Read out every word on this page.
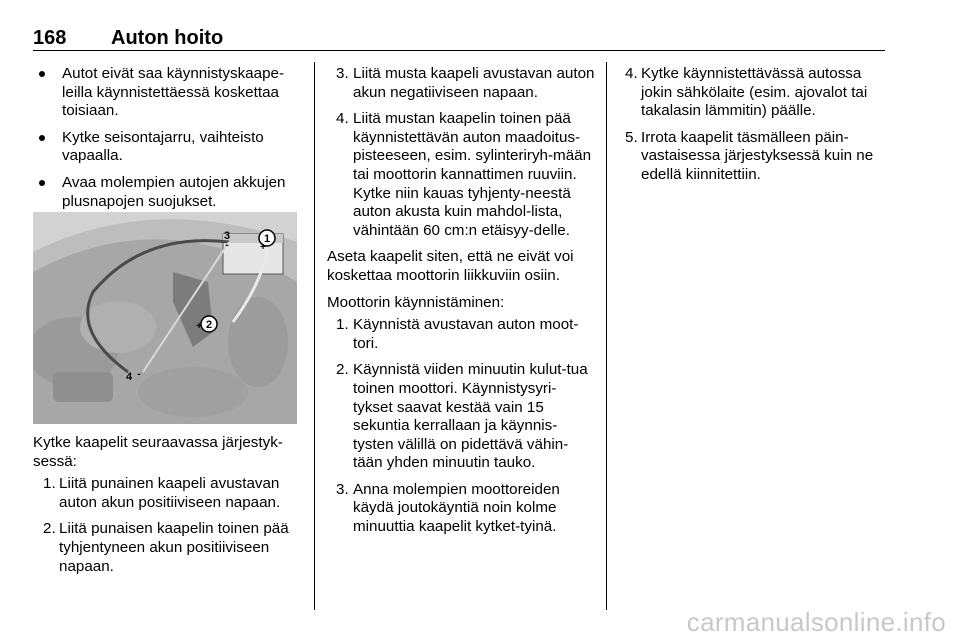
168 Auton hoito
Autot eivät saa käynnistyskaape-leilla käynnistettäessä koskettaa toisiaan.
Kytke seisontajarru, vaihteisto vapaalla.
Avaa molempien autojen akkujen plusnapojen suojukset.
1
+
3
-
2
+
4 -

Kytke kaapelit seuraavassa järjestyk-sessä:

1. Liitä punainen kaapeli avustavan auton akun positiiviseen napaan.
2. Liitä punaisen kaapelin toinen pää tyhjentyneen akun positiiviseen napaan.
3. Liitä musta kaapeli avustavan auton akun negatiiviseen napaan.
4. Liitä mustan kaapelin toinen pää käynnistettävän auton maadoitus-pisteeseen, esim. sylinteriryh-mään tai moottorin kannattimen ruuviin. Kytke niin kauas tyhjenty-neestä auton akusta kuin mahdol-lista, vähintään 60 cm:n etäisyy-delle.

Aseta kaapelit siten, että ne eivät voi koskettaa moottorin liikkuviin osiin.

Moottorin käynnistäminen:

1. Käynnistä avustavan auton moot-tori.
2. Käynnistä viiden minuutin kulut-tua toinen moottori. Käynnistysyri-tykset saavat kestää vain 15 sekuntia kerrallaan ja käynnis-tysten välillä on pidettävä vähin-tään yhden minuutin tauko.
3. Anna molempien moottoreiden käydä joutokäyntiä noin kolme minuuttia kaapelit kytket-tyinä.
4. Kytke käynnistettävässä autossa jokin sähkölaite (esim. ajovalot tai takalasin lämmitin) päälle.
5. Irrota kaapelit täsmälleen päin-vastaisessa järjestyksessä kuin ne edellä kiinnitettiin.
carmanualsonline.info
